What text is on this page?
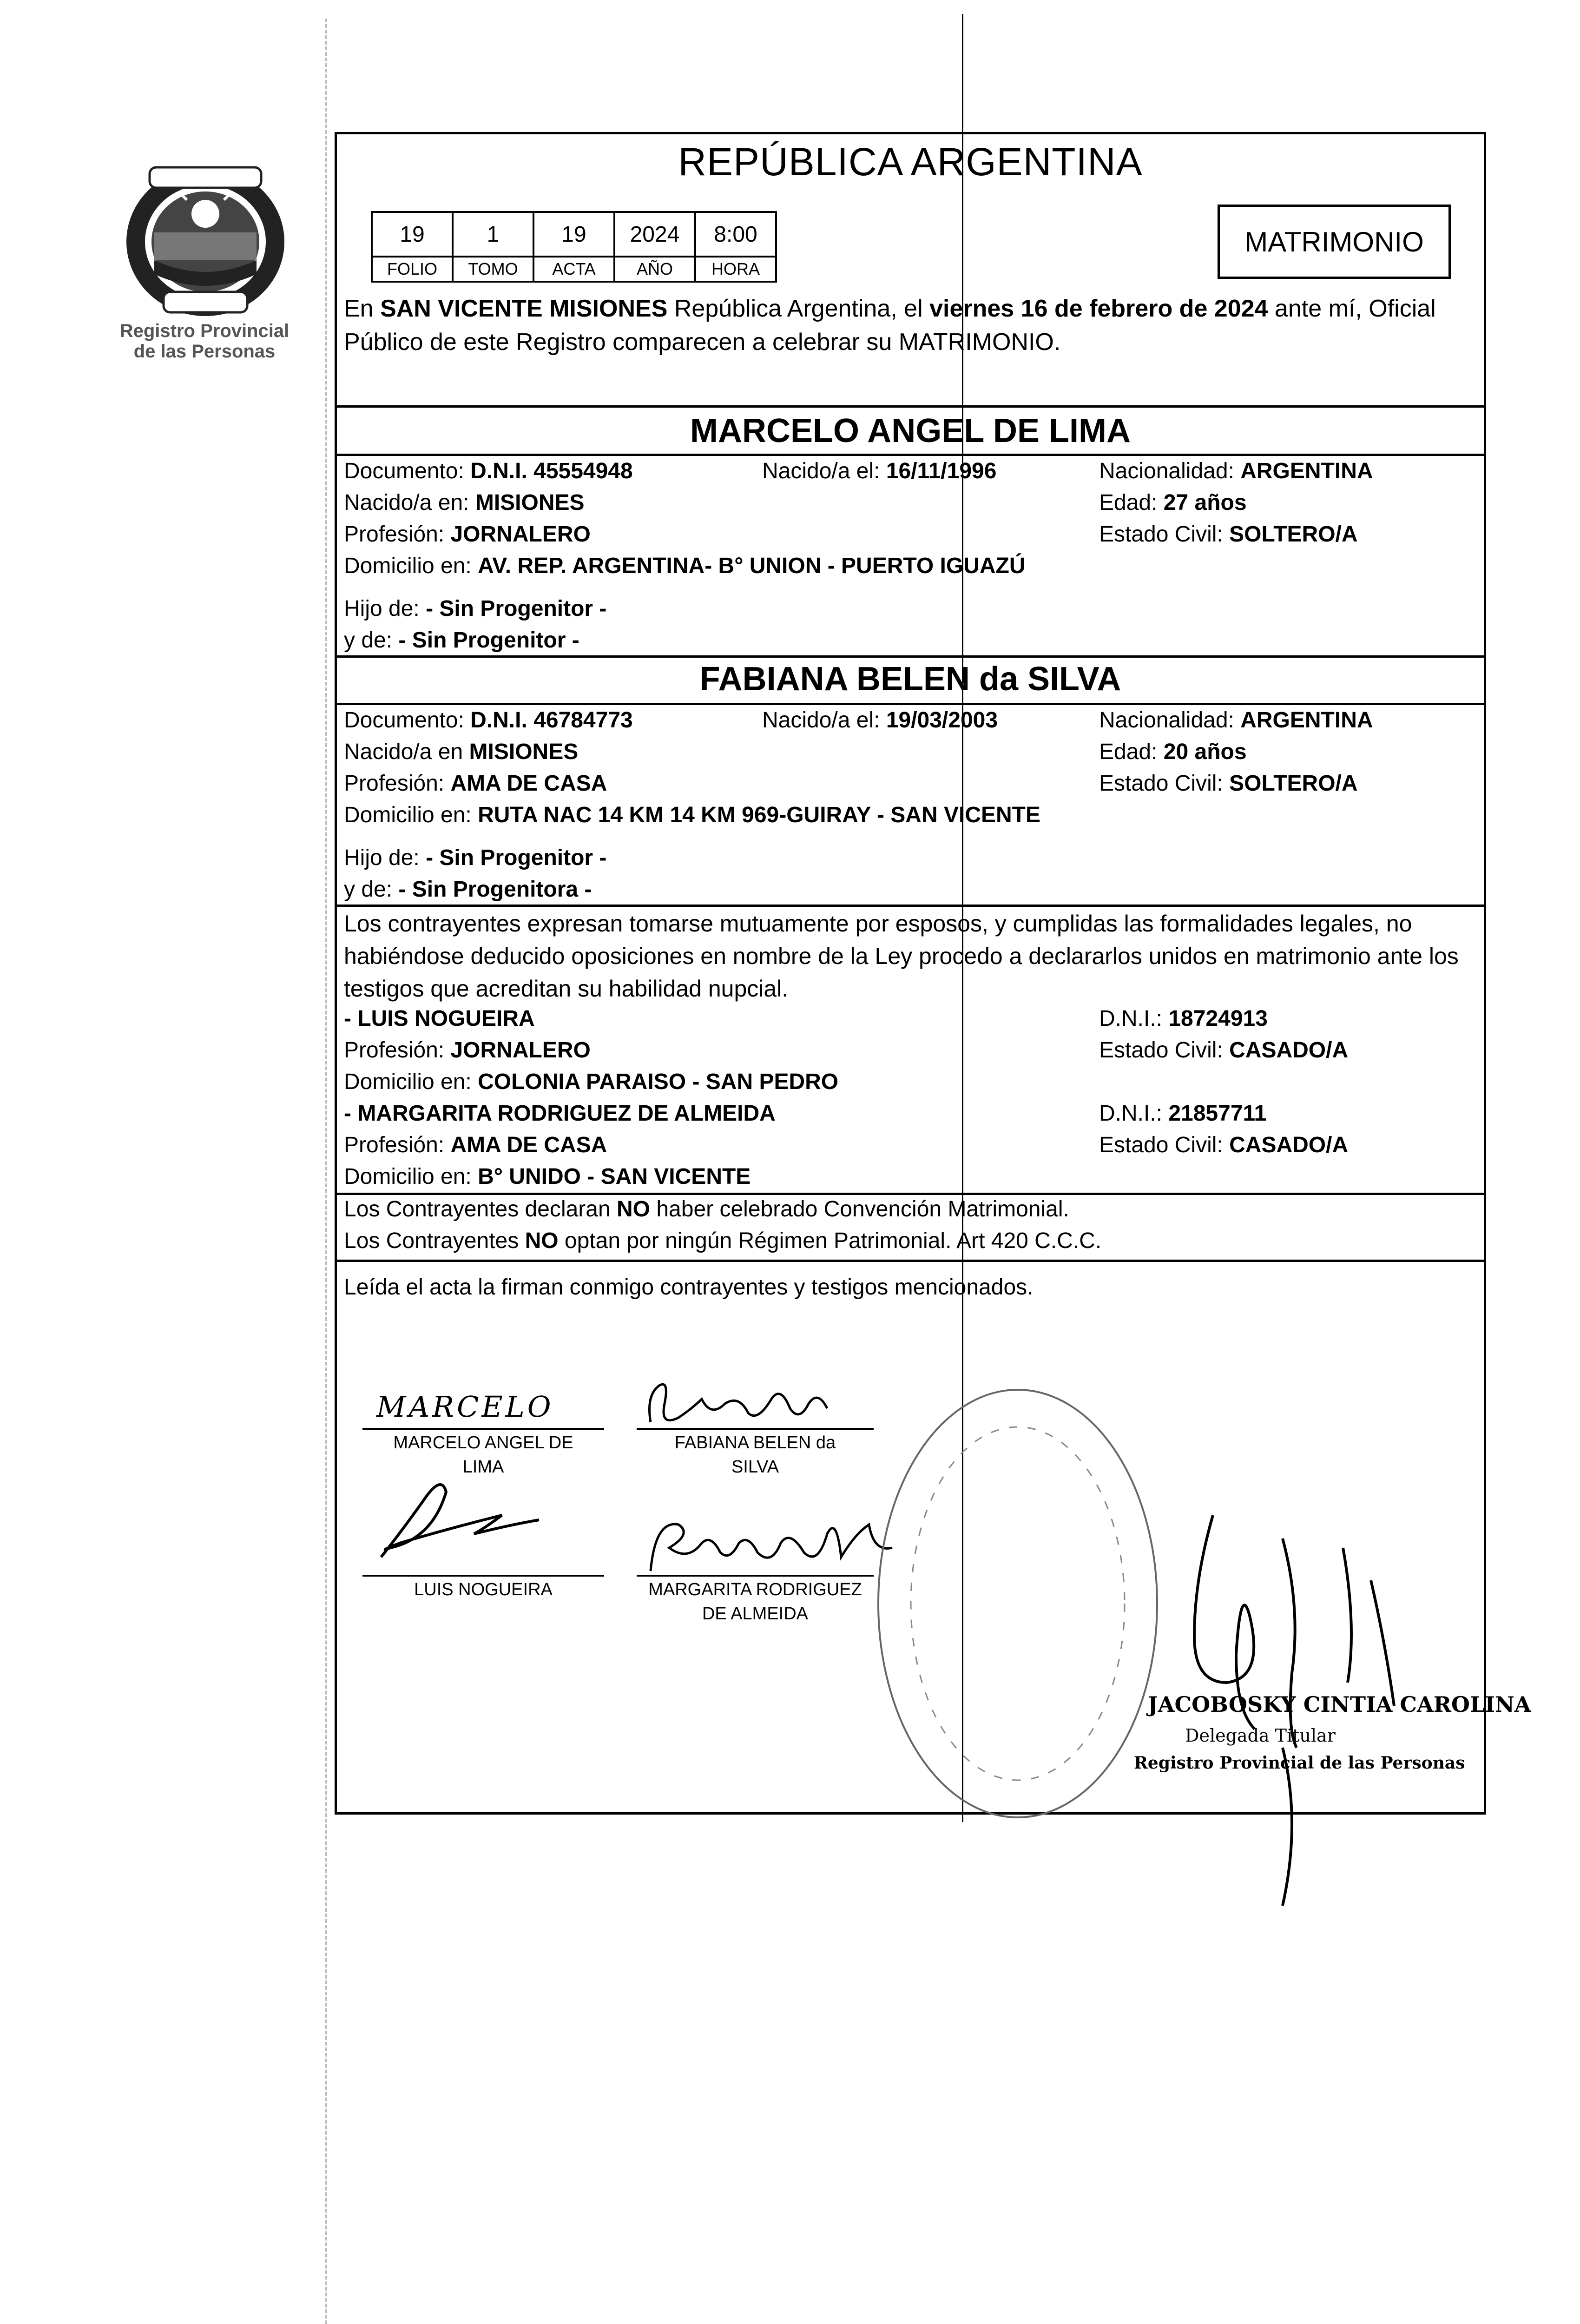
Registro Provincial
de las Personas
REPÚBLICA ARGENTINA
19	1	19	2024	8:00
FOLIO	TOMO	ACTA	AÑO	HORA
MATRIMONIO
En SAN VICENTE MISIONES República Argentina, el viernes 16 de febrero de 2024 ante mí, Oficial Público de este Registro comparecen a celebrar su MATRIMONIO.
MARCELO ANGEL DE LIMA
Documento: D.N.I. 45554948	Nacido/a el: 16/11/1996	Nacionalidad: ARGENTINA
Nacido/a en: MISIONES	Edad: 27 años
Profesión: JORNALERO	Estado Civil: SOLTERO/A
Domicilio en: AV. REP. ARGENTINA- B° UNION - PUERTO IGUAZÚ
Hijo de: - Sin Progenitor -
y de: - Sin Progenitor -
FABIANA BELEN da SILVA
Documento: D.N.I. 46784773	Nacido/a el: 19/03/2003	Nacionalidad: ARGENTINA
Nacido/a en MISIONES	Edad: 20 años
Profesión: AMA DE CASA	Estado Civil: SOLTERO/A
Domicilio en: RUTA NAC 14 KM 14 KM 969-GUIRAY - SAN VICENTE
Hijo de: - Sin Progenitor -
y de: - Sin Progenitora -
Los contrayentes expresan tomarse mutuamente por esposos, y cumplidas las formalidades legales, no habiéndose deducido oposiciones en nombre de la Ley procedo a declararlos unidos en matrimonio ante los testigos que acreditan su habilidad nupcial.
- LUIS NOGUEIRA	D.N.I.: 18724913
Profesión: JORNALERO	Estado Civil: CASADO/A
Domicilio en: COLONIA PARAISO - SAN PEDRO
- MARGARITA RODRIGUEZ DE ALMEIDA	D.N.I.: 21857711
Profesión: AMA DE CASA	Estado Civil: CASADO/A
Domicilio en: B° UNIDO - SAN VICENTE
Los Contrayentes declaran NO haber celebrado Convención Matrimonial.
Los Contrayentes NO optan por ningún Régimen Patrimonial. Art 420 C.C.C.
Leída el acta la firman conmigo contrayentes y testigos mencionados.
MARCELO
MARCELO ANGEL DE
LIMA
FABIANA BELEN da
SILVA
LUIS NOGUEIRA	MARGARITA RODRIGUEZ
DE ALMEIDA
JACOBOSKY CINTIA CAROLINA
Delegada Titular
Registro Provincial de las Personas
